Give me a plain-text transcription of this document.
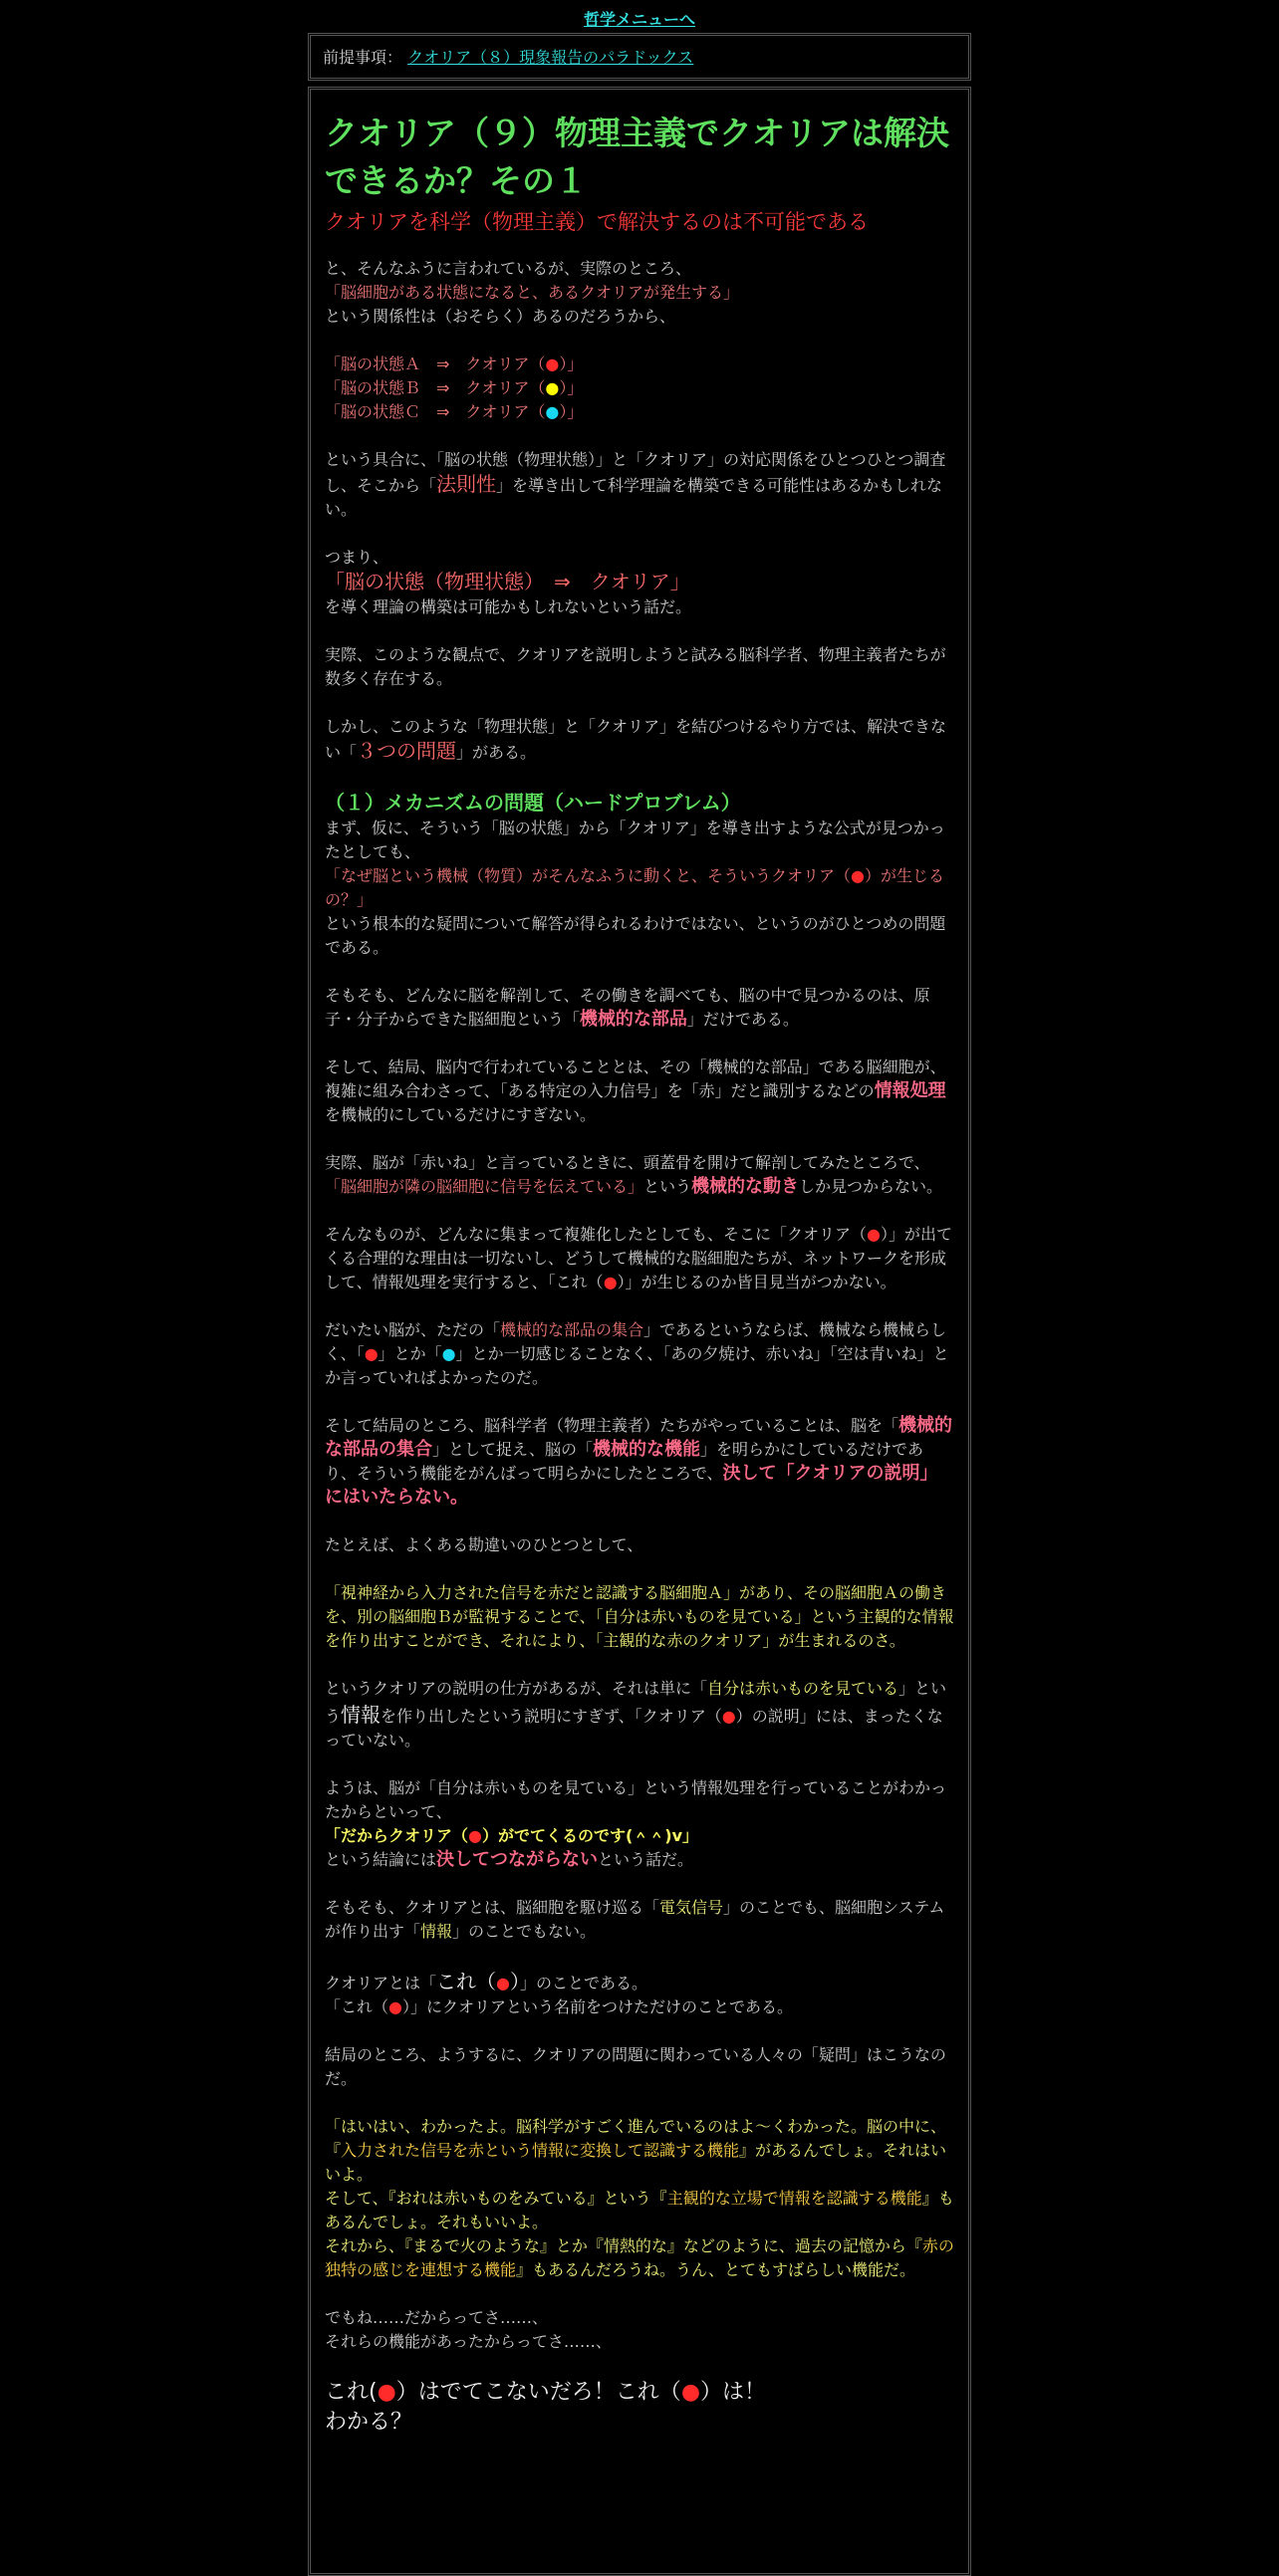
哲学メニューへ
前提事項： クオリア（８）現象報告のパラドックス
クオリア（９）物理主義でクオリアは解決できるか？その１
クオリアを科学（物理主義）で解決するのは不可能である

と、そんなふうに言われているが、実際のところ、
「脳細胞がある状態になると、あるクオリアが発生する」
という関係性は（おそらく）あるのだろうから、

「脳の状態Ａ　⇒　クオリア（●）」
「脳の状態Ｂ　⇒　クオリア（●）」
「脳の状態Ｃ　⇒　クオリア（●）」

という具合に、「脳の状態（物理状態）」と「クオリア」の対応関係をひとつひとつ調査し、そこから「法則性」を導き出して科学理論を構築できる可能性はあるかもしれない。

つまり、
「脳の状態（物理状態）　⇒　クオリア」
を導く理論の構築は可能かもしれないという話だ。

実際、このような観点で、クオリアを説明しようと試みる脳科学者、物理主義者たちが数多く存在する。

しかし、このような「物理状態」と「クオリア」を結びつけるやり方では、解決できない「３つの問題」がある。

（１）メカニズムの問題（ハードプロブレム）

まず、仮に、そういう「脳の状態」から「クオリア」を導き出すような公式が見つかったとしても、
「なぜ脳という機械（物質）がそんなふうに動くと、そういうクオリア（●）が生じるの？」
という根本的な疑問について解答が得られるわけではない、というのがひとつめの問題である。

そもそも、どんなに脳を解剖して、その働きを調べても、脳の中で見つかるのは、原子・分子からできた脳細胞という「機械的な部品」だけである。

そして、結局、脳内で行われていることとは、その「機械的な部品」である脳細胞が、複雑に組み合わさって、「ある特定の入力信号」を「赤」だと識別するなどの情報処理を機械的にしているだけにすぎない。

実際、脳が「赤いね」と言っているときに、頭蓋骨を開けて解剖してみたところで、
「脳細胞が隣の脳細胞に信号を伝えている」という機械的な動きしか見つからない。

そんなものが、どんなに集まって複雑化したとしても、そこに「クオリア（●）」が出てくる合理的な理由は一切ないし、どうして機械的な脳細胞たちが、ネットワークを形成して、情報処理を実行すると、「これ（●）」が生じるのか皆目見当がつかない。

だいたい脳が、ただの「機械的な部品の集合」であるというならば、機械なら機械らしく、「●」とか「●」とか一切感じることなく、「あの夕焼け、赤いね」「空は青いね」とか言っていればよかったのだ。

そして結局のところ、脳科学者（物理主義者）たちがやっていることは、脳を「機械的な部品の集合」として捉え、脳の「機械的な機能」を明らかにしているだけであり、そういう機能をがんばって明らかにしたところで、決して「クオリアの説明」にはいたらない。

たとえば、よくある勘違いのひとつとして、

「視神経から入力された信号を赤だと認識する脳細胞Ａ」があり、その脳細胞Ａの働きを、別の脳細胞Ｂが監視することで、「自分は赤いものを見ている」という主観的な情報を作り出すことができ、それにより、「主観的な赤のクオリア」が生まれるのさ。

というクオリアの説明の仕方があるが、それは単に「自分は赤いものを見ている」という情報を作り出したという説明にすぎず、「クオリア（●）の説明」には、まったくなっていない。

ようは、脳が「自分は赤いものを見ている」という情報処理を行っていることがわかったからといって、
「だからクオリア（●）がでてくるのです(＾＾)v」
という結論には決してつながらないという話だ。

そもそも、クオリアとは、脳細胞を駆け巡る「電気信号」のことでも、脳細胞システムが作り出す「情報」のことでもない。

クオリアとは「これ（●）」のことである。
「これ（●）」にクオリアという名前をつけただけのことである。

結局のところ、ようするに、クオリアの問題に関わっている人々の「疑問」はこうなのだ。

「はいはい、わかったよ。脳科学がすごく進んでいるのはよ～くわかった。脳の中に、『入力された信号を赤という情報に変換して認識する機能』があるんでしょ。それはいいよ。
そして、『おれは赤いものをみている』という『主観的な立場で情報を認識する機能』もあるんでしょ。それもいいよ。
それから、『まるで火のような』とか『情熱的な』などのように、過去の記憶から『赤の独特の感じを連想する機能』もあるんだろうね。うん、とてもすばらしい機能だ。

でもね……だからってさ……、
それらの機能があったからってさ……、

これ(●）はでてこないだろ！これ（●）は！
わかる？
